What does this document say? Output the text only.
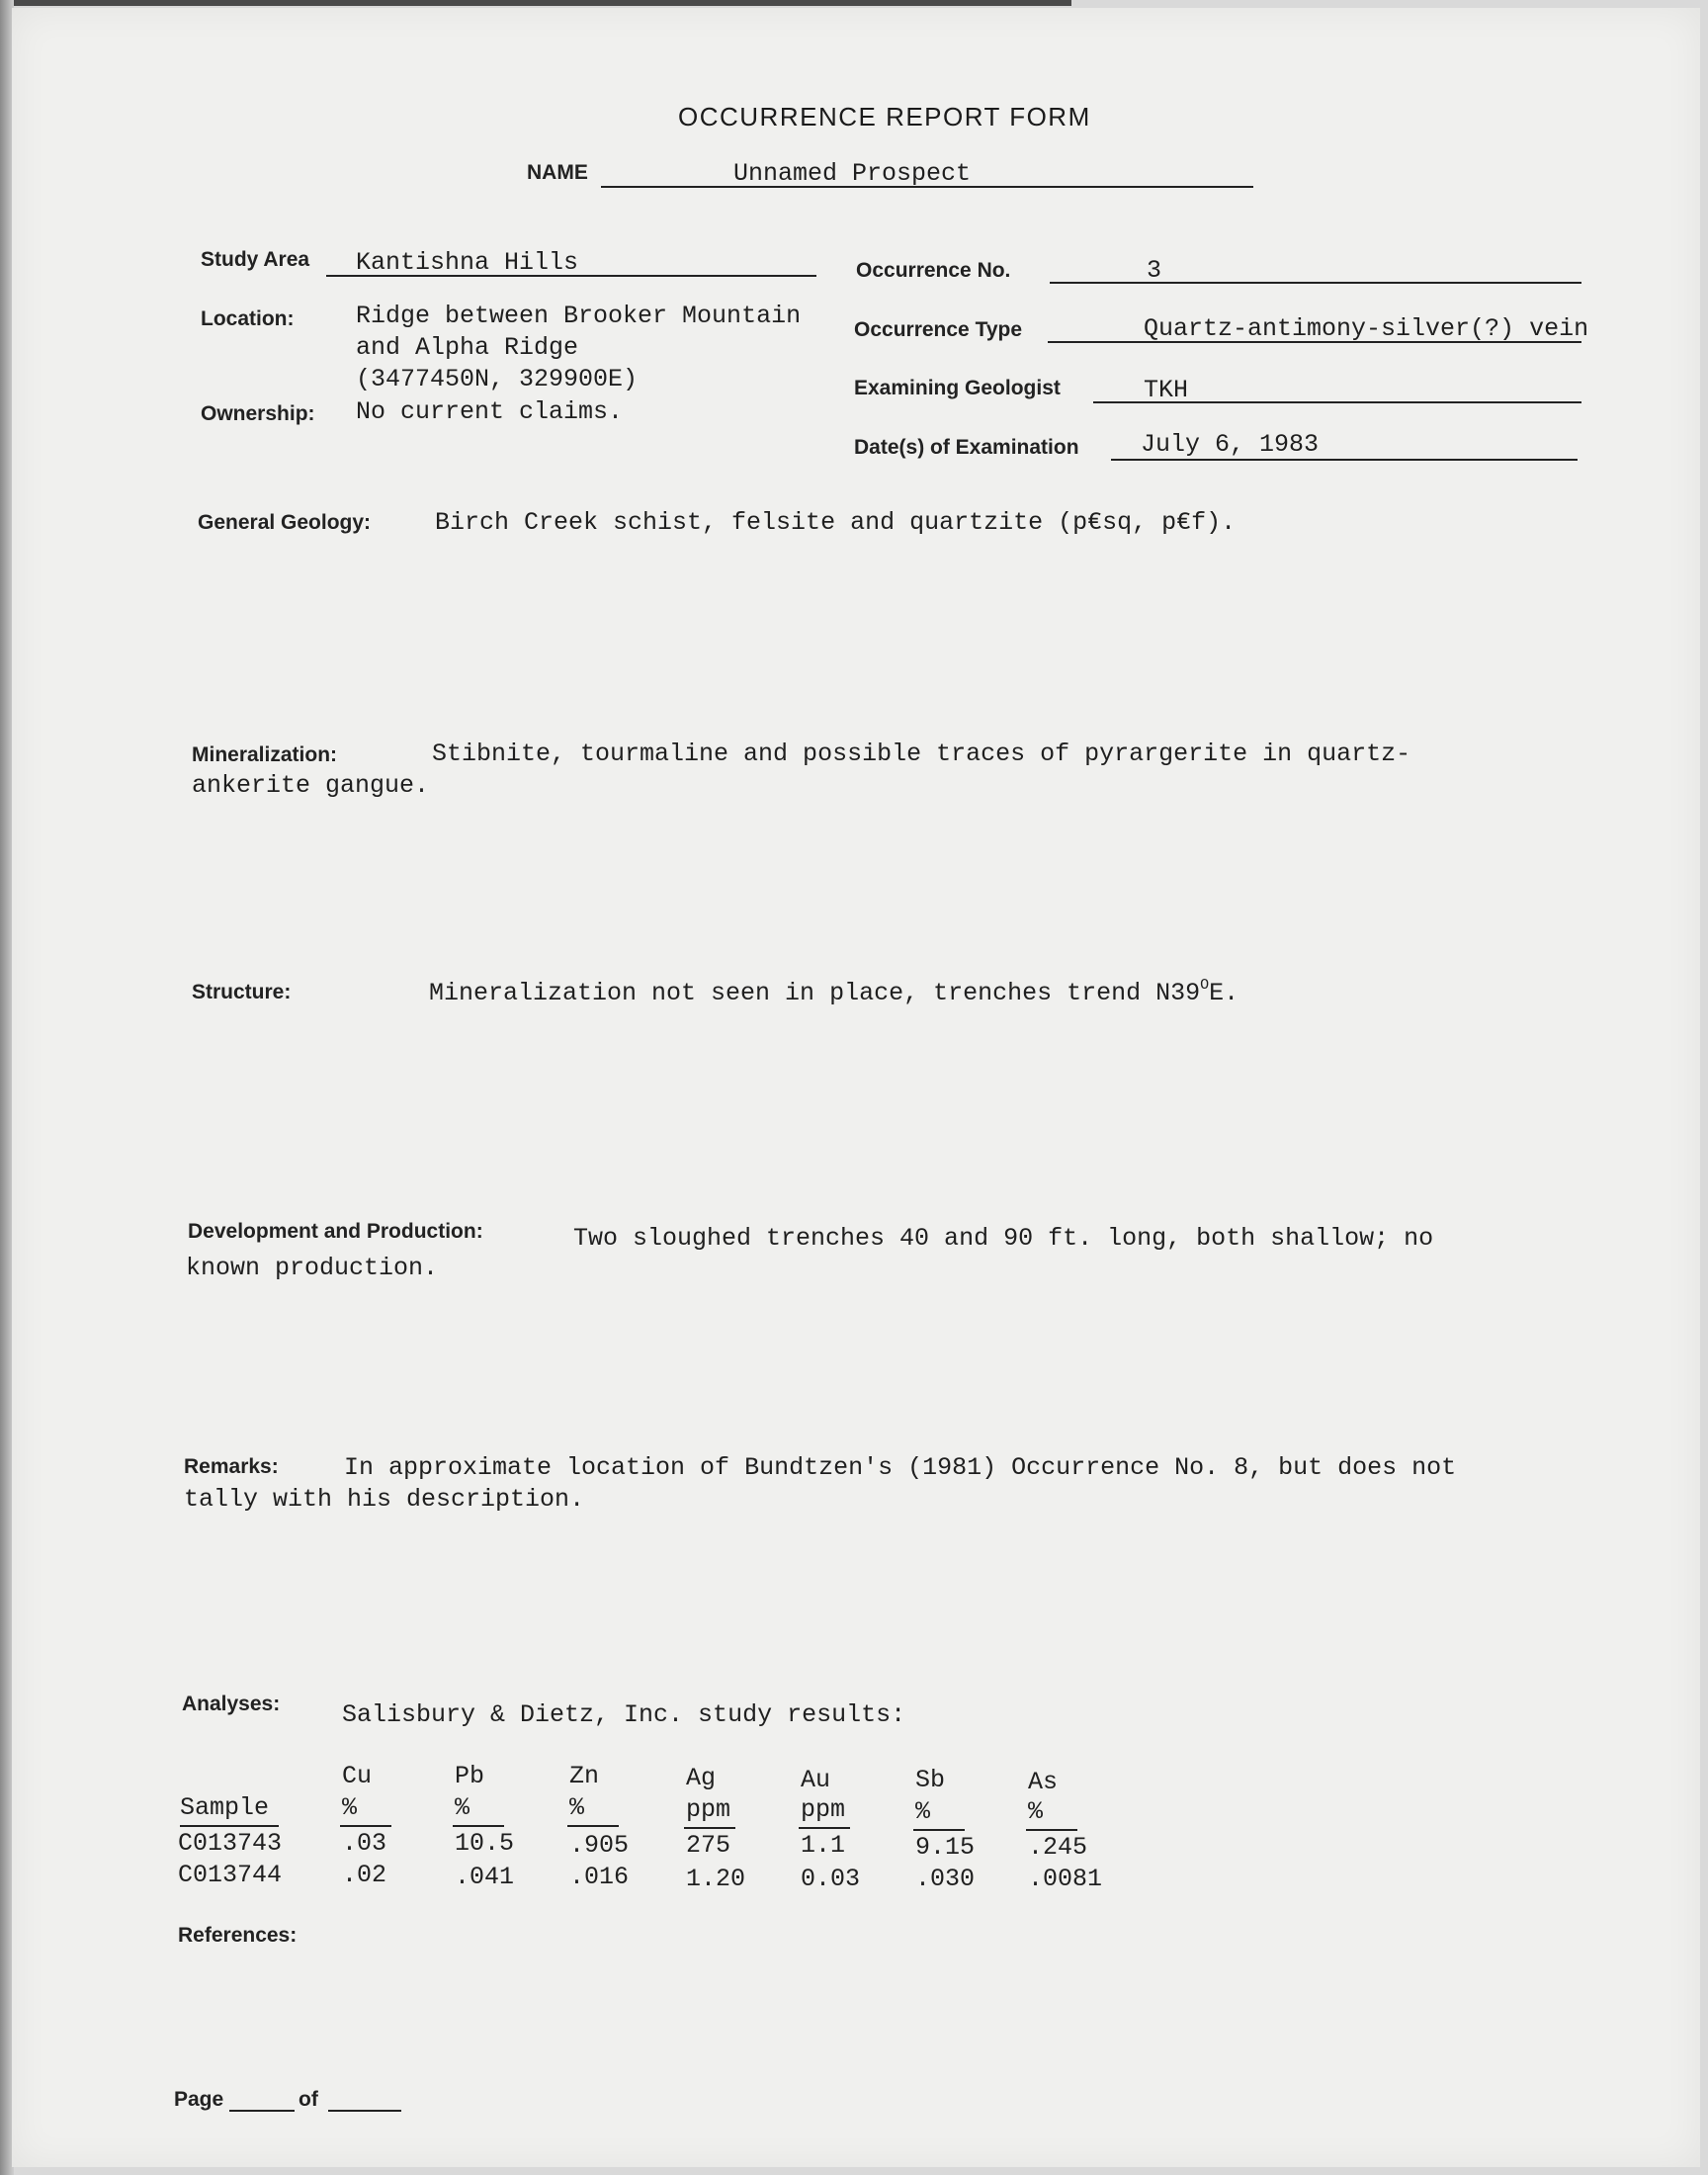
OCCURRENCE REPORT FORM
NAME	Unnamed Prospect
Study Area Kantishna Hills	Occurrence No.	3
Location:	Ridge between Brooker Mountain
and Alpha Ridge
(3477450N, 329900E)
Occurrence Type	Quartz-antimony-silver(?) vein
Ownership: No current claims.
Examining Geologist	TKH
Date(s) of Examination July 6, 1983
General Geology:	Birch Creek schist, felsite and quartzite (p€sq, p€f).
Mineralization:	Stibnite, tourmaline and possible traces of pyrargerite in quartz-
ankerite gangue.
Structure:	Mineralization not seen in place, trenches trend $N39^OE$.
Development and Production:	Two sloughed trenches 40 and 90 ft. long, both shallow; no
known production.
Remarks:	In approximate location of Bundtzen's (1981) Occurrence No. 8, but does not
tally with his description.
Analyses:	Salisbury & Dietz, Inc. study results:
Cu	Pb	Zn	Ag	Au	Sb	As
Sample	%	%	%	ppm	ppm	%	%
C013743 .03	10.5 .905 275	1.1	9.15 .245
C013744 .02	.041 .016 1.20 0.03 .030 .0081
References:
Page	of
